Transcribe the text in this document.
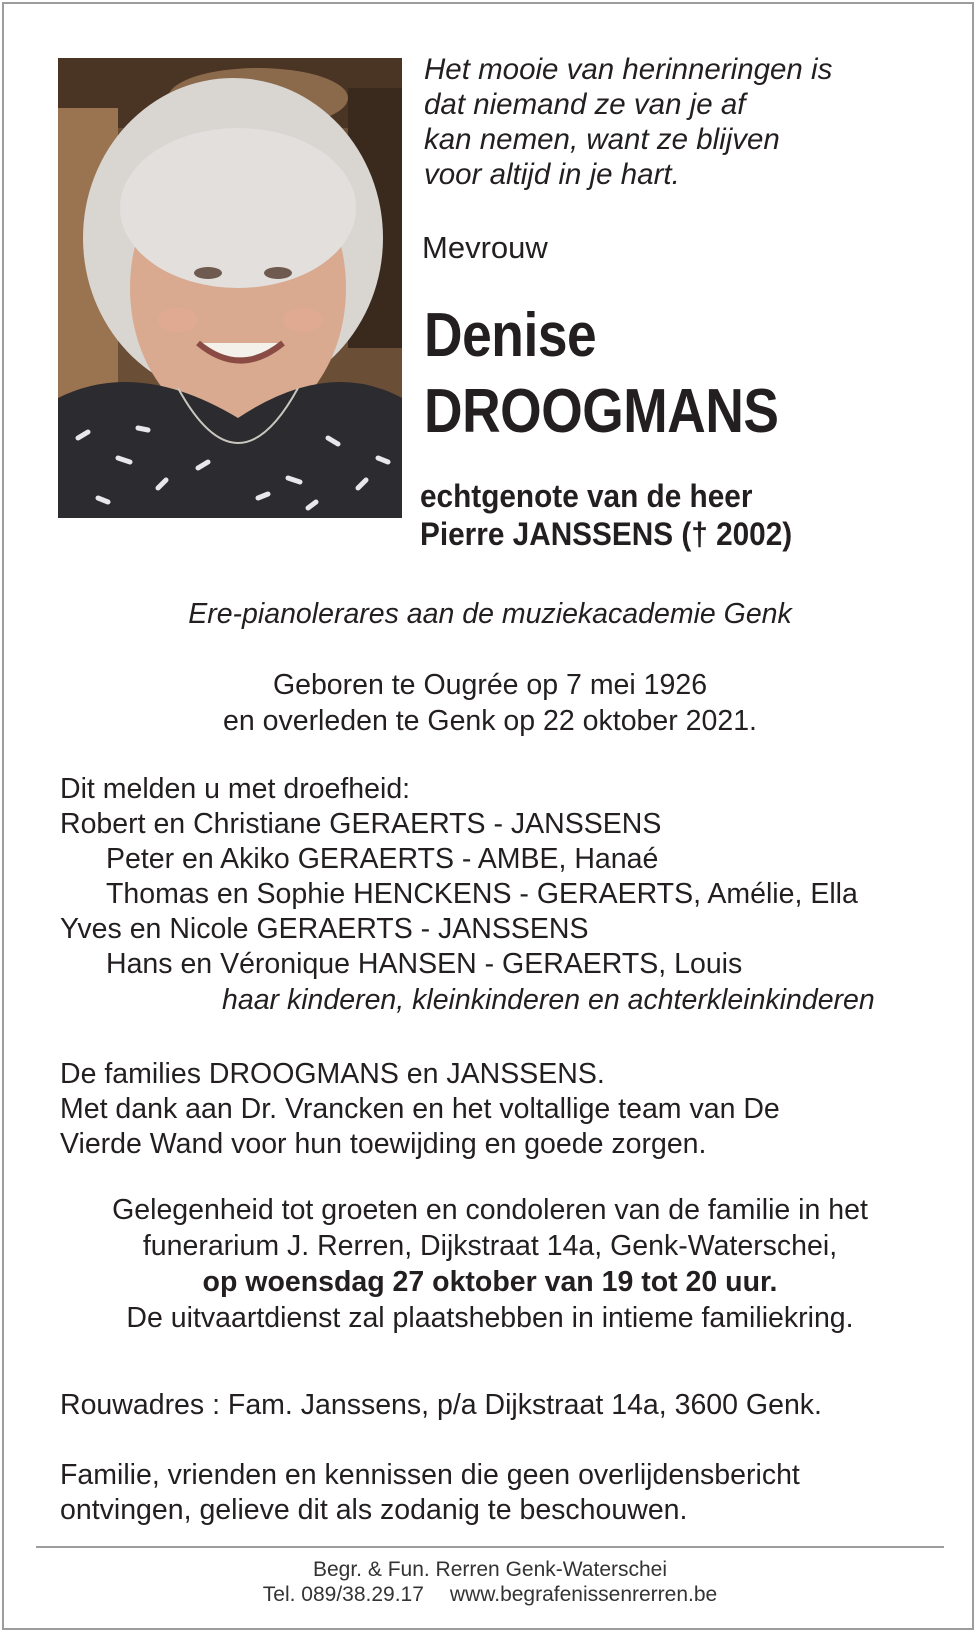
Het mooie van herinneringen is
dat niemand ze van je af
kan nemen, want ze blijven
voor altijd in je hart.
Mevrouw
Denise
DROOGMANS
echtgenote van de heer
Pierre JANSSENS († 2002)
Ere-pianolerares aan de muziekacademie Genk
Geboren te Ougrée op 7 mei 1926
en overleden te Genk op 22 oktober 2021.
Dit melden u met droefheid:
Robert en Christiane GERAERTS - JANSSENS
Peter en Akiko GERAERTS - AMBE, Hanaé
Thomas en Sophie HENCKENS - GERAERTS, Amélie, Ella
Yves en Nicole GERAERTS - JANSSENS
Hans en Véronique HANSEN - GERAERTS, Louis
haar kinderen, kleinkinderen en achterkleinkinderen
De families DROOGMANS en JANSSENS.
Met dank aan Dr. Vrancken en het voltallige team van De
Vierde Wand voor hun toewijding en goede zorgen.
Gelegenheid tot groeten en condoleren van de familie in het
funerarium J. Rerren, Dijkstraat 14a, Genk-Waterschei,
op woensdag 27 oktober van 19 tot 20 uur.
De uitvaartdienst zal plaatshebben in intieme familiekring.
Rouwadres : Fam. Janssens, p/a Dijkstraat 14a, 3600 Genk.
Familie, vrienden en kennissen die geen overlijdensbericht
ontvingen, gelieve dit als zodanig te beschouwen.
Begr. & Fun. Rerren Genk-Waterschei
Tel. 089/38.29.17 www.begrafenissenrerren.be
